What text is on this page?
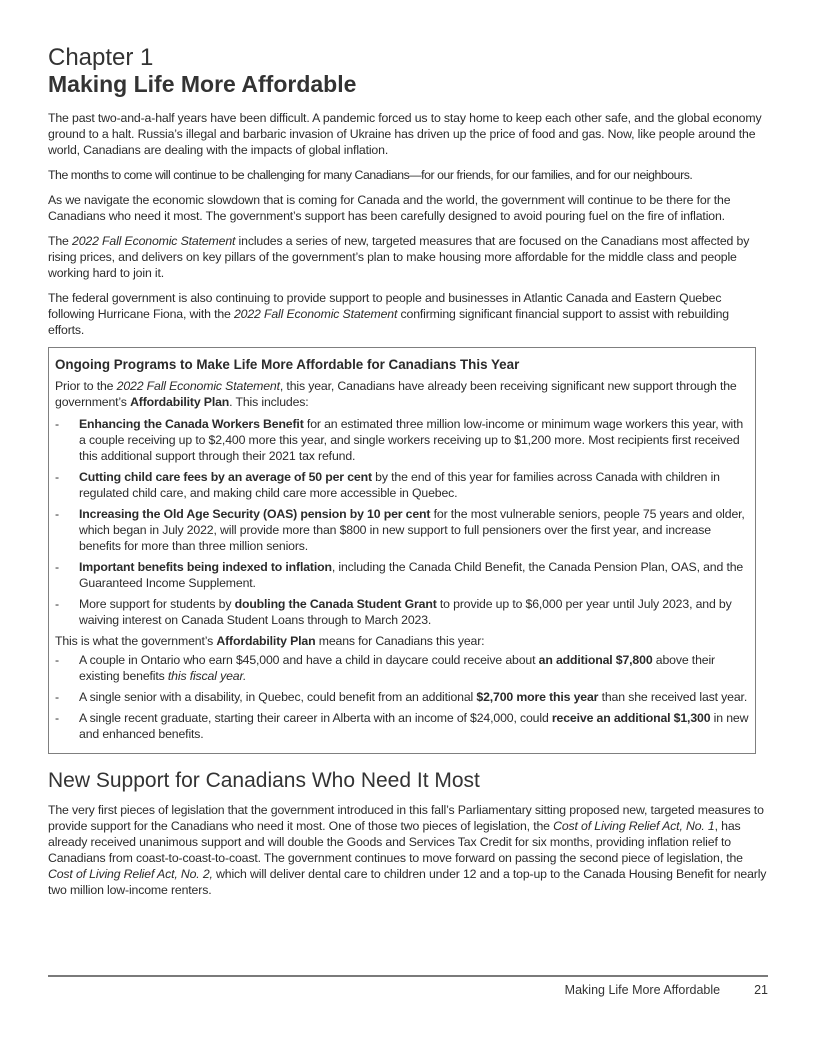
Chapter 1
Making Life More Affordable

The past two-and-a-half years have been difficult. A pandemic forced us to stay home to keep each other safe, and the global economy ground to a halt. Russia’s illegal and barbaric invasion of Ukraine has driven up the price of food and gas. Now, like people around the world, Canadians are dealing with the impacts of global inflation.

The months to come will continue to be challenging for many Canadians—for our friends, for our families, and for our neighbours.

As we navigate the economic slowdown that is coming for Canada and the world, the government will continue to be there for the Canadians who need it most. The government’s support has been carefully designed to avoid pouring fuel on the fire of inflation.

The 2022 Fall Economic Statement includes a series of new, targeted measures that are focused on the Canadians most affected by rising prices, and delivers on key pillars of the government’s plan to make housing more affordable for the middle class and people working hard to join it.

The federal government is also continuing to provide support to people and businesses in Atlantic Canada and Eastern Quebec following Hurricane Fiona, with the 2022 Fall Economic Statement confirming significant financial support to assist with rebuilding efforts.

Ongoing Programs to Make Life More Affordable for Canadians This Year

Prior to the 2022 Fall Economic Statement, this year, Canadians have already been receiving significant new support through the government’s Affordability Plan. This includes:

- Enhancing the Canada Workers Benefit for an estimated three million low-income or minimum wage workers this year, with a couple receiving up to $2,400 more this year, and single workers receiving up to $1,200 more. Most recipients first received this additional support through their 2021 tax refund.
- Cutting child care fees by an average of 50 per cent by the end of this year for families across Canada with children in regulated child care, and making child care more accessible in Quebec.
- Increasing the Old Age Security (OAS) pension by 10 per cent for the most vulnerable seniors, people 75 years and older, which began in July 2022, will provide more than $800 in new support to full pensioners over the first year, and increase benefits for more than three million seniors.
- Important benefits being indexed to inflation, including the Canada Child Benefit, the Canada Pension Plan, OAS, and the Guaranteed Income Supplement.
- More support for students by doubling the Canada Student Grant to provide up to $6,000 per year until July 2023, and by waiving interest on Canada Student Loans through to March 2023.

This is what the government’s Affordability Plan means for Canadians this year:

- A couple in Ontario who earn $45,000 and have a child in daycare could receive about an additional $7,800 above their existing benefits this fiscal year.
- A single senior with a disability, in Quebec, could benefit from an additional $2,700 more this year than she received last year.
- A single recent graduate, starting their career in Alberta with an income of $24,000, could receive an additional $1,300 in new and enhanced benefits.
New Support for Canadians Who Need It Most

The very first pieces of legislation that the government introduced in this fall’s Parliamentary sitting proposed new, targeted measures to provide support for the Canadians who need it most. One of those two pieces of legislation, the Cost of Living Relief Act, No. 1, has already received unanimous support and will double the Goods and Services Tax Credit for six months, providing inflation relief to Canadians from coast-to-coast-to-coast. The government continues to move forward on passing the second piece of legislation, the Cost of Living Relief Act, No. 2, which will deliver dental care to children under 12 and a top-up to the Canada Housing Benefit for nearly two million low-income renters.

Making Life More Affordable	21
